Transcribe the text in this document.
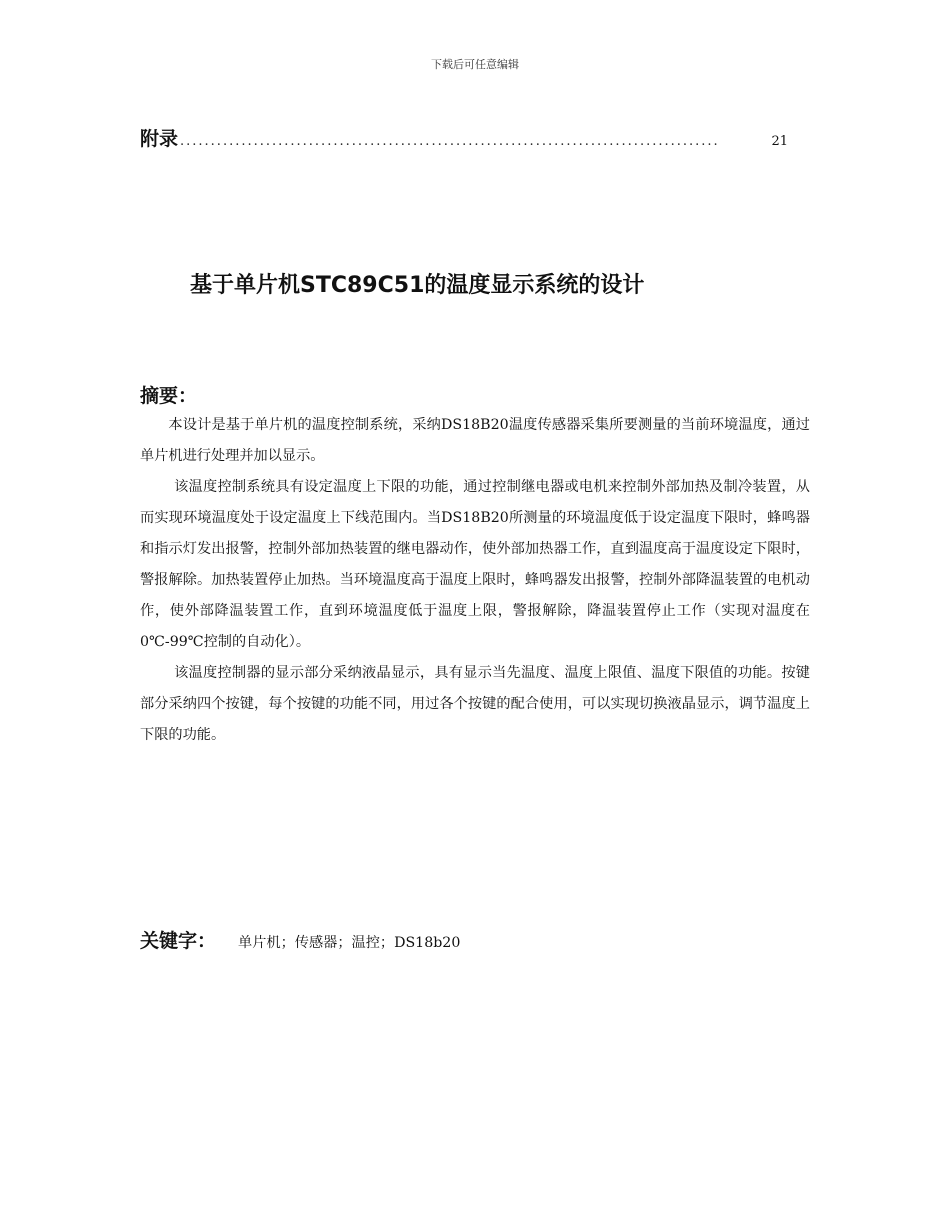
下载后可任意编辑
附录 ........................................................................................	21
基于单片机STC89C51的温度显示系统的设计
摘要：

本设计是基于单片机的温度控制系统，采纳DS18B20温度传感器采集所要测量的当前环境温度，通过单片机进行处理并加以显示。

该温度控制系统具有设定温度上下限的功能，通过控制继电器或电机来控制外部加热及制冷装置，从而实现环境温度处于设定温度上下线范围内。当DS18B20所测量的环境温度低于设定温度下限时，蜂鸣器和指示灯发出报警，控制外部加热装置的继电器动作，使外部加热器工作，直到温度高于温度设定下限时，警报解除。加热装置停止加热。当环境温度高于温度上限时，蜂鸣器发出报警，控制外部降温装置的电机动作，使外部降温装置工作，直到环境温度低于温度上限，警报解除，降温装置停止工作（实现对温度在0℃-99℃控制的自动化）。

该温度控制器的显示部分采纳液晶显示，具有显示当先温度、温度上限值、温度下限值的功能。按键部分采纳四个按键，每个按键的功能不同，用过各个按键的配合使用，可以实现切换液晶显示，调节温度上下限的功能。

关键字： 单片机；传感器；温控；DS18b20
